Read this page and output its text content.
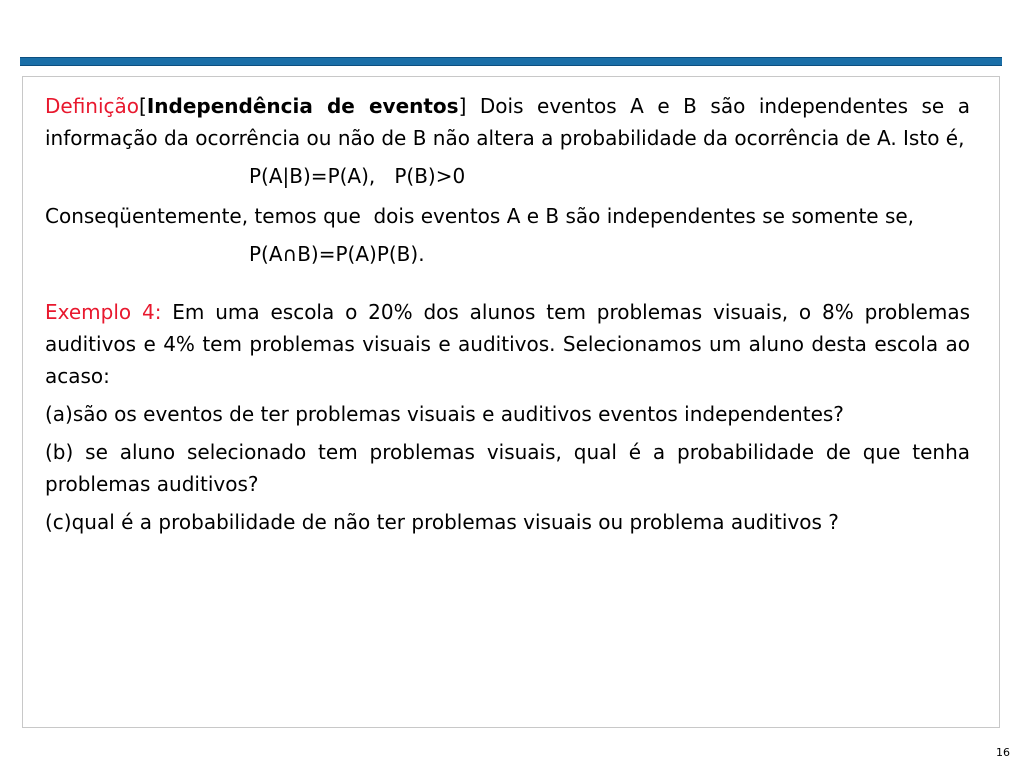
Definição[Independência de eventos] Dois eventos A e B são independentes se a informação da ocorrência ou não de B não altera a probabilidade da ocorrência de A. Isto é,

P(A|B)=P(A),   P(B)>0

Conseqüentemente, temos que  dois eventos A e B são independentes se somente se,

P(A∩B)=P(A)P(B).

Exemplo 4: Em uma escola o 20% dos alunos tem problemas visuais, o 8% problemas auditivos e 4% tem problemas visuais e auditivos. Selecionamos um aluno desta escola ao acaso:

(a)são os eventos de ter problemas visuais e auditivos eventos independentes?

(b) se aluno selecionado tem problemas visuais, qual é a probabilidade de que tenha problemas auditivos?

(c)qual é a probabilidade de não ter problemas visuais ou problema auditivos ?

16
